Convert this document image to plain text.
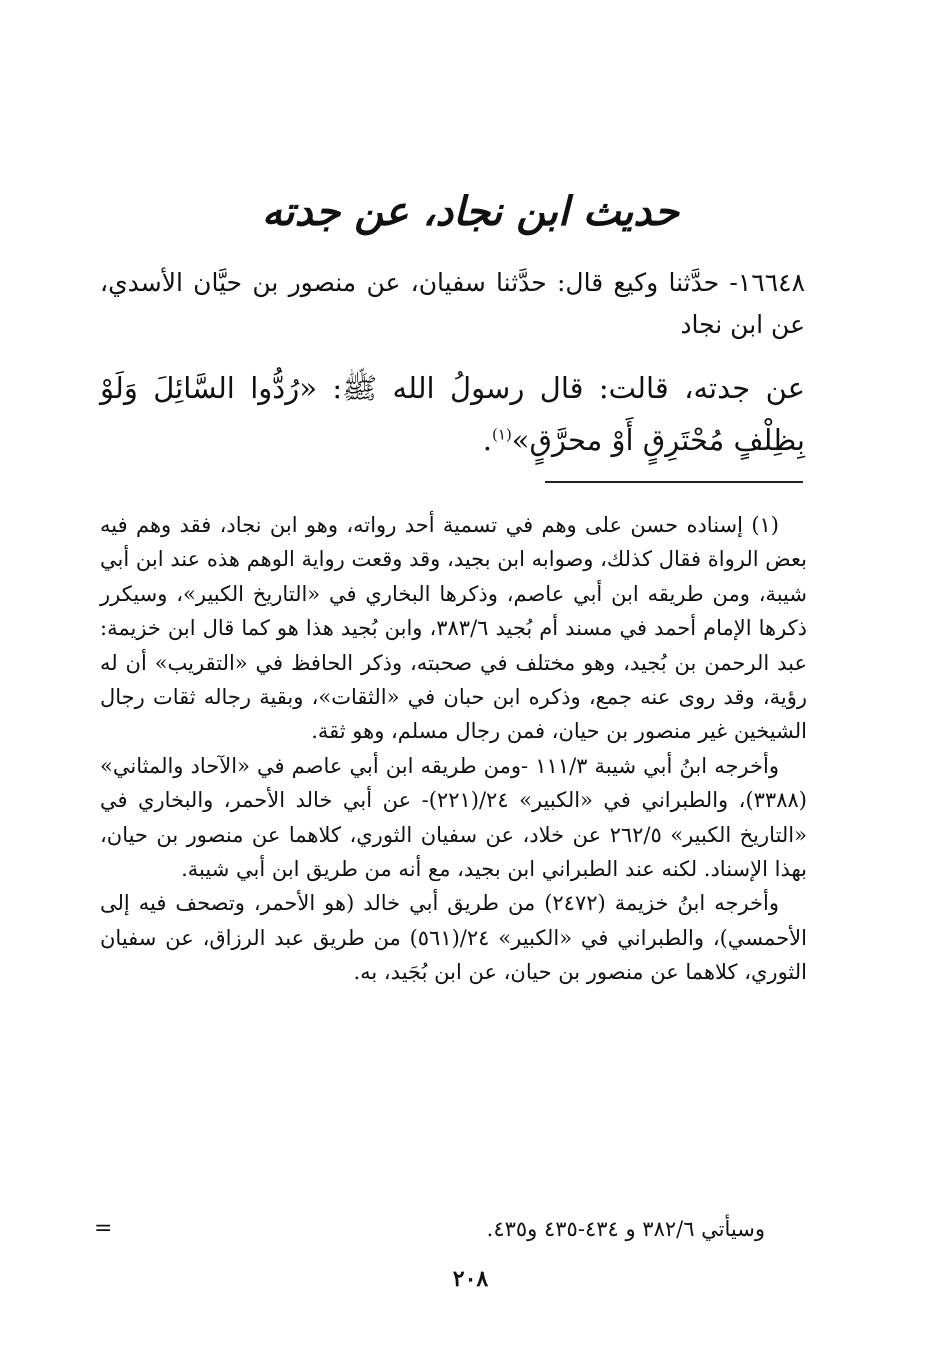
حديث ابن نجاد، عن جدته
١٦٦٤٨- حدَّثنا وكيع قال: حدَّثنا سفيان، عن منصور بن حيَّان الأسدي، عن ابن نجاد
عن جدته، قالت: قال رسولُ الله ﷺ: «رُدُّوا السَّائِلَ وَلَوْ بِظِلْفٍ مُحْتَرِقٍ أَوْ محرَّقٍ»$^{(١)}$.

(١) إسناده حسن على وهم في تسمية أحد رواته، وهو ابن نجاد، فقد وهم فيه بعض الرواة فقال كذلك، وصوابه ابن بجيد، وقد وقعت رواية الوهم هذه عند ابن أبي شيبة، ومن طريقه ابن أبي عاصم، وذكرها البخاري في «التاريخ الكبير»، وسيكرر ذكرها الإمام أحمد في مسند أم بُجيد ٣٨٣/٦، وابن بُجيد هذا هو كما قال ابن خزيمة: عبد الرحمن بن بُجيد، وهو مختلف في صحبته، وذكر الحافظ في «التقريب» أن له رؤية، وقد روى عنه جمع، وذكره ابن حبان في «الثقات»، وبقية رجاله ثقات رجال الشيخين غير منصور بن حيان، فمن رجال مسلم، وهو ثقة.

وأخرجه ابنُ أبي شيبة ١١١/٣ -ومن طريقه ابن أبي عاصم في «الآحاد والمثاني» (٣٣٨٨)، والطبراني في «الكبير» ٢٤/(٢٢١)- عن أبي خالد الأحمر، والبخاري في «التاريخ الكبير» ٢٦٢/٥ عن خلاد، عن سفيان الثوري، كلاهما عن منصور بن حيان، بهذا الإسناد. لكنه عند الطبراني ابن بجيد، مع أنه من طريق ابن أبي شيبة.

وأخرجه ابنُ خزيمة (٢٤٧٢) من طريق أبي خالد (هو الأحمر، وتصحف فيه إلى الأحمسي)، والطبراني في «الكبير» ٢٤/(٥٦١) من طريق عبد الرزاق، عن سفيان الثوري، كلاهما عن منصور بن حيان، عن ابن بُجَيد، به.

وسيأتي ٣٨٢/٦ و ٤٣٤-٤٣٥ و٤٣٥.
=
٢٠٨
